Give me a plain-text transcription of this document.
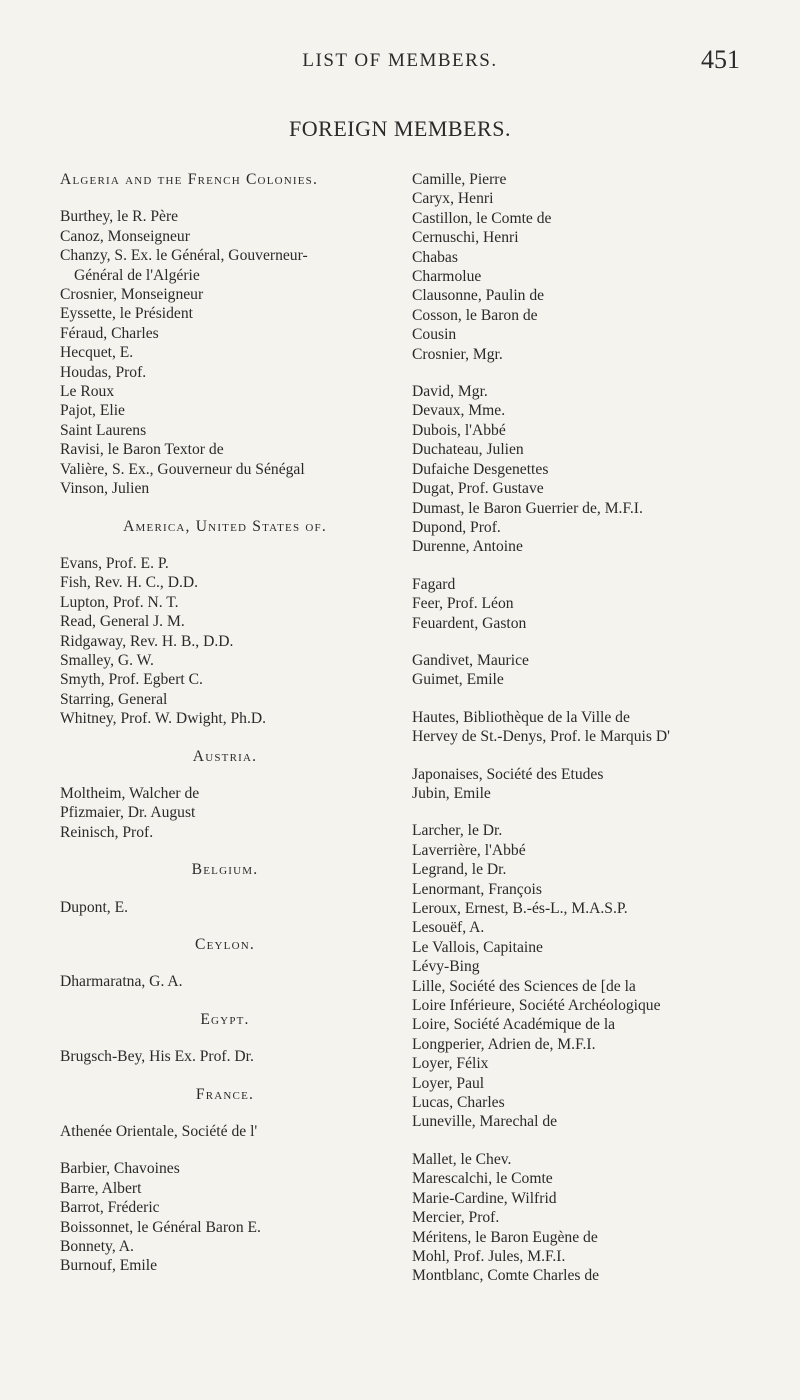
LIST OF MEMBERS.	451
FOREIGN MEMBERS.
Algeria and the French Colonies.
Burthey, le R. Père
Canoz, Monseigneur
Chanzy, S. Ex. le Général, Gouverneur-
Général de l'Algérie
Crosnier, Monseigneur
Eyssette, le Président
Féraud, Charles
Hecquet, E.
Houdas, Prof.
Le Roux
Pajot, Elie
Saint Laurens
Ravisi, le Baron Textor de
Valière, S. Ex., Gouverneur du Sénégal
Vinson, Julien
America, United States of.
Evans, Prof. E. P.
Fish, Rev. H. C., D.D.
Lupton, Prof. N. T.
Read, General J. M.
Ridgaway, Rev. H. B., D.D.
Smalley, G. W.
Smyth, Prof. Egbert C.
Starring, General
Whitney, Prof. W. Dwight, Ph.D.
Austria.
Moltheim, Walcher de
Pfizmaier, Dr. August
Reinisch, Prof.
Belgium.
Dupont, E.
Ceylon.
Dharmaratna, G. A.
Egypt.
Brugsch-Bey, His Ex. Prof. Dr.
France.
Athenée Orientale, Société de l'
Barbier, Chavoines
Barre, Albert
Barrot, Fréderic
Boissonnet, le Général Baron E.
Bonnety, A.
Burnouf, Emile
Camille, Pierre
Caryx, Henri
Castillon, le Comte de
Cernuschi, Henri
Chabas
Charmolue
Clausonne, Paulin de
Cosson, le Baron de
Cousin
Crosnier, Mgr.
David, Mgr.
Devaux, Mme.
Dubois, l'Abbé
Duchateau, Julien
Dufaiche Desgenettes
Dugat, Prof. Gustave
Dumast, le Baron Guerrier de, M.F.I.
Dupond, Prof.
Durenne, Antoine
Fagard
Feer, Prof. Léon
Feuardent, Gaston
Gandivet, Maurice
Guimet, Emile
Hautes, Bibliothèque de la Ville de
Hervey de St.-Denys, Prof. le Marquis D'
Japonaises, Société des Etudes
Jubin, Emile
Larcher, le Dr.
Laverrière, l'Abbé
Legrand, le Dr.
Lenormant, François
Leroux, Ernest, B.-és-L., M.A.S.P.
Lesouëf, A.
Le Vallois, Capitaine
Lévy-Bing
Lille, Société des Sciences de [de la
Loire Inférieure, Société Archéologique
Loire, Société Académique de la
Longperier, Adrien de, M.F.I.
Loyer, Félix
Loyer, Paul
Lucas, Charles
Luneville, Marechal de
Mallet, le Chev.
Marescalchi, le Comte
Marie-Cardine, Wilfrid
Mercier, Prof.
Méritens, le Baron Eugène de
Mohl, Prof. Jules, M.F.I.
Montblanc, Comte Charles de
